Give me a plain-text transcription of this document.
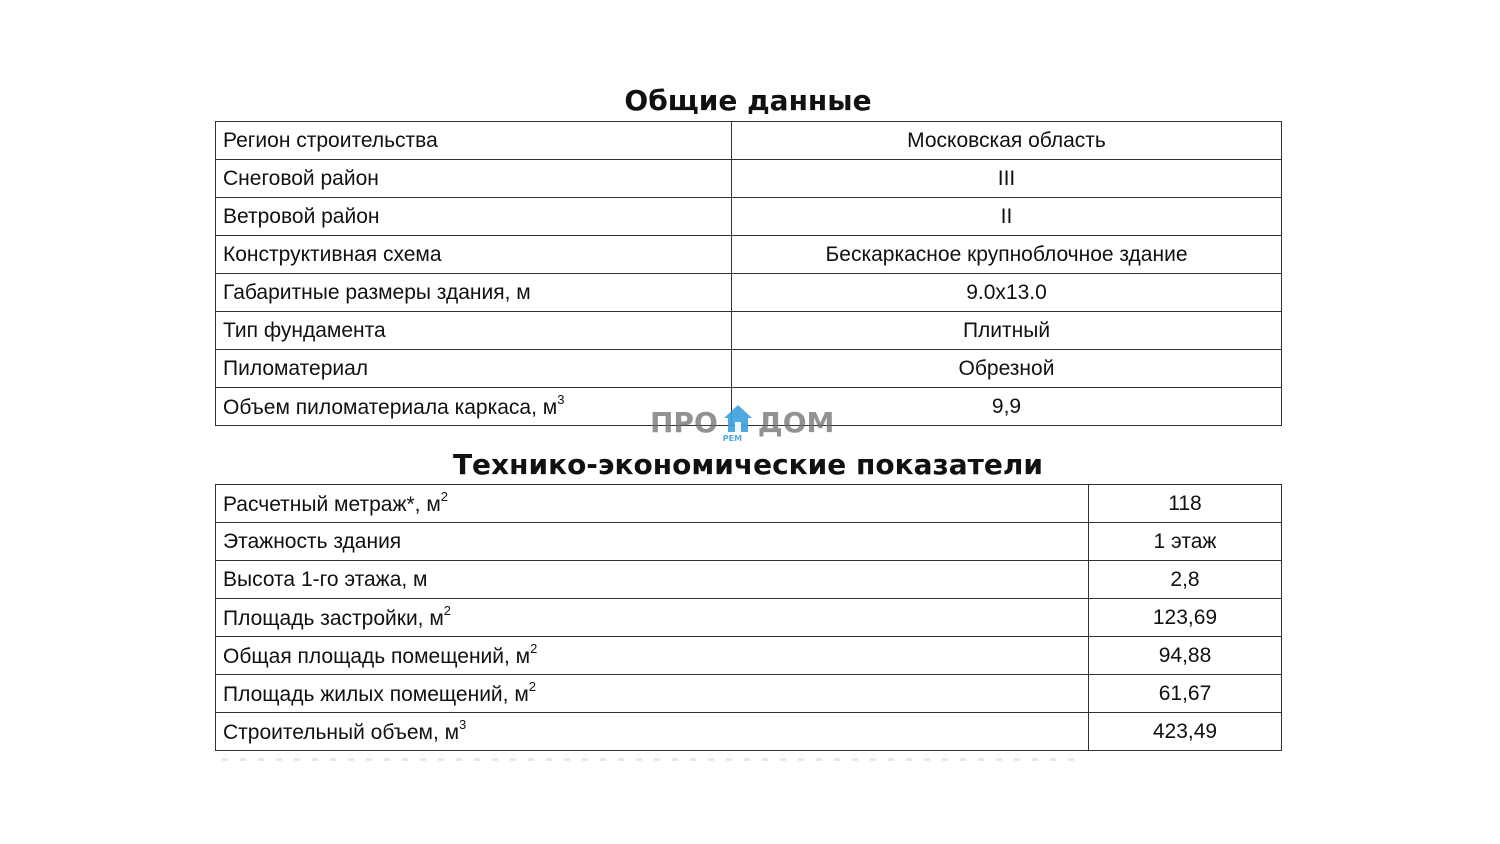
Общие данные
Регион строительства	Московская область
Снеговой район	III
Ветровой район	II
Конструктивная схема	Бескаркасное крупноблочное здание
Габаритные размеры здания, м	9.0x13.0
Тип фундамента	Плитный
Пиломатериал	Обрезной
Объем пиломатериала каркаса, $м^3$	9,9
Технико-экономические показатели
Расчетный метраж*, $м^2$	118
Этажность здания	1 этаж
Высота 1-го этажа, м	2,8
Площадь застройки, $м^2$	123,69
Общая площадь помещений, $м^2$	94,88
Площадь жилых помещений, $м^2$	61,67
Строительный объем, $м^3$	423,49
ПРО РЕМ ДОМ
